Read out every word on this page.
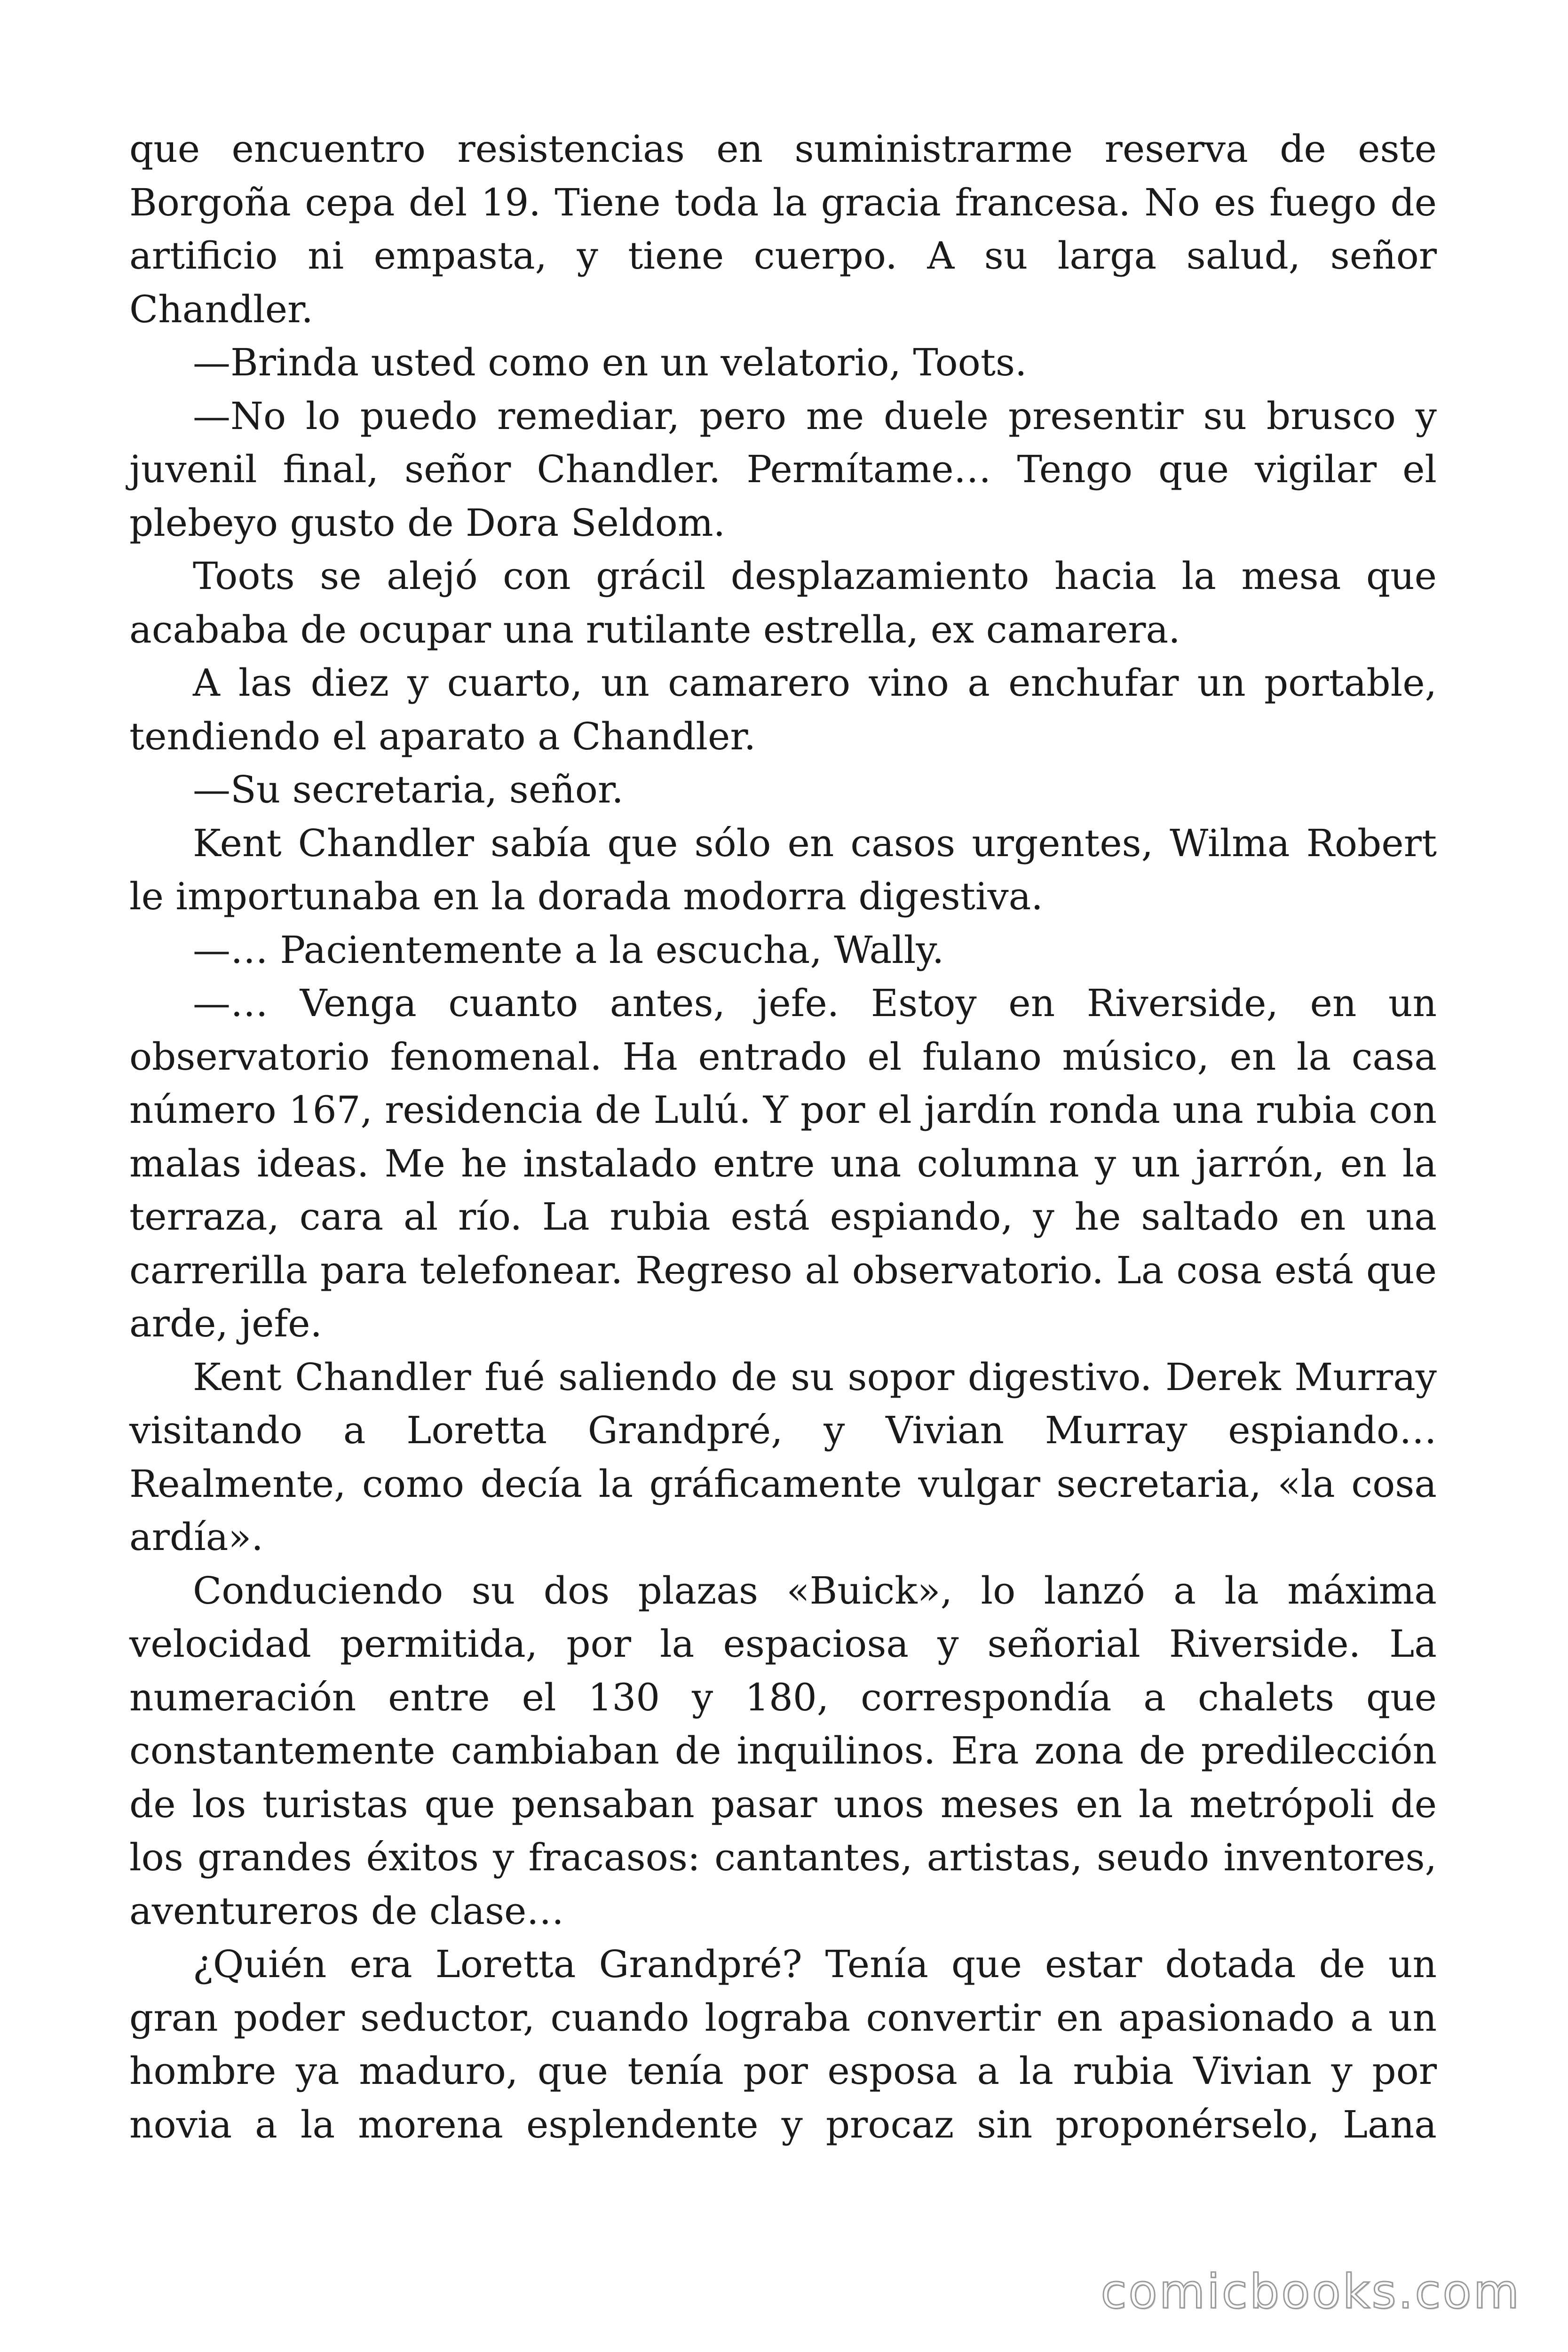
que encuentro resistencias en suministrarme reserva de este Borgoña cepa del 19. Tiene toda la gracia francesa. No es fuego de artificio ni empasta, y tiene cuerpo. A su larga salud, señor Chandler.

—Brinda usted como en un velatorio, Toots.

—No lo puedo remediar, pero me duele presentir su brusco y juvenil final, señor Chandler. Permítame… Tengo que vigilar el plebeyo gusto de Dora Seldom.

Toots se alejó con grácil desplazamiento hacia la mesa que acababa de ocupar una rutilante estrella, ex camarera.

A las diez y cuarto, un camarero vino a enchufar un portable, tendiendo el aparato a Chandler.

—Su secretaria, señor.

Kent Chandler sabía que sólo en casos urgentes, Wilma Robert le importunaba en la dorada modorra digestiva.

—… Pacientemente a la escucha, Wally.

—… Venga cuanto antes, jefe. Estoy en Riverside, en un observatorio fenomenal. Ha entrado el fulano músico, en la casa número 167, residencia de Lulú. Y por el jardín ronda una rubia con malas ideas. Me he instalado entre una columna y un jarrón, en la terraza, cara al río. La rubia está espiando, y he saltado en una carrerilla para telefonear. Regreso al observatorio. La cosa está que arde, jefe.

Kent Chandler fué saliendo de su sopor digestivo. Derek Murray visitando a Loretta Grandpré, y Vivian Murray espiando… Realmente, como decía la gráficamente vulgar secretaria, «la cosa ardía».

Conduciendo su dos plazas «Buick», lo lanzó a la máxima velocidad permitida, por la espaciosa y señorial Riverside. La numeración entre el 130 y 180, correspondía a chalets que constantemente cambiaban de inquilinos. Era zona de predilección de los turistas que pensaban pasar unos meses en la metrópoli de los grandes éxitos y fracasos: cantantes, artistas, seudo inventores, aventureros de clase…

¿Quién era Loretta Grandpré? Tenía que estar dotada de un gran poder seductor, cuando lograba convertir en apasionado a un hombre ya maduro, que tenía por esposa a la rubia Vivian y por novia a la morena esplendente y procaz sin proponérselo, Lana

comicbooks.com
